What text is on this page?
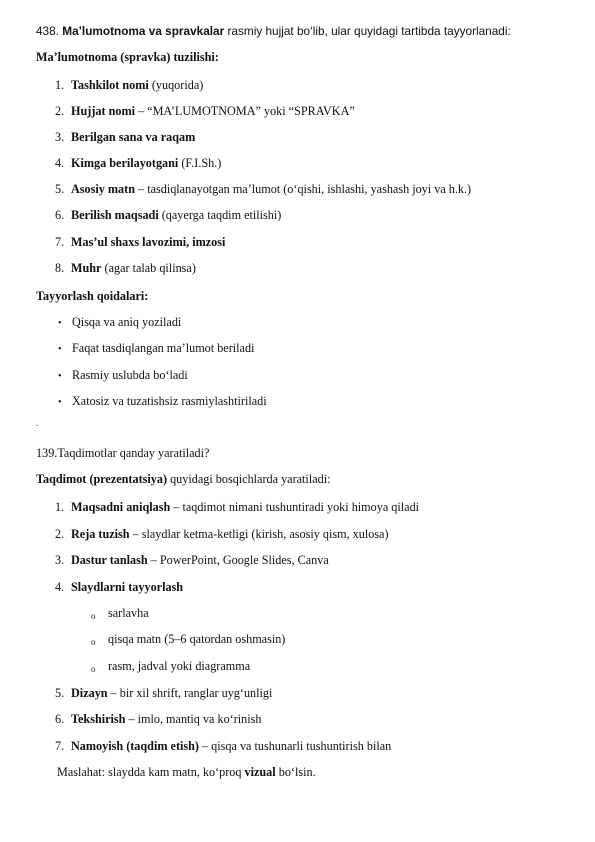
438. Ma’lumotnoma va spravkalar rasmiy hujjat bo‘lib, ular quyidagi tartibda tayyorlanadi:
Ma’lumotnoma (spravka) tuzilishi:
1. Tashkilot nomi (yuqorida)
2. Hujjat nomi – “MA’LUMOTNOMA” yoki “SPRAVKA”
3. Berilgan sana va raqam
4. Kimga berilayotgani (F.I.Sh.)
5. Asosiy matn – tasdiqlanayotgan ma’lumot (o‘qishi, ishlashi, yashash joyi va h.k.)
6. Berilish maqsadi (qayerga taqdim etilishi)
7. Mas’ul shaxs lavozimi, imzosi
8. Muhr (agar talab qilinsa)
Tayyorlash qoidalari:
• Qisqa va aniq yoziladi
• Faqat tasdiqlangan ma’lumot beriladi
• Rasmiy uslubda bo‘ladi
• Xatosiz va tuzatishsiz rasmiylashtiriladi
.
139.Taqdimotlar qanday yaratiladi?
Taqdimot (prezentatsiya) quyidagi bosqichlarda yaratiladi:
1. Maqsadni aniqlash – taqdimot nimani tushuntiradi yoki himoya qiladi
2. Reja tuzish – slaydlar ketma-ketligi (kirish, asosiy qism, xulosa)
3. Dastur tanlash – PowerPoint, Google Slides, Canva
4. Slaydlarni tayyorlash
o sarlavha
o qisqa matn (5–6 qatordan oshmasin)
o rasm, jadval yoki diagramma
5. Dizayn – bir xil shrift, ranglar uyg‘unligi
6. Tekshirish – imlo, mantiq va ko‘rinish
7. Namoyish (taqdim etish) – qisqa va tushunarli tushuntirish bilan
Maslahat: slaydda kam matn, ko‘proq vizual bo‘lsin.
